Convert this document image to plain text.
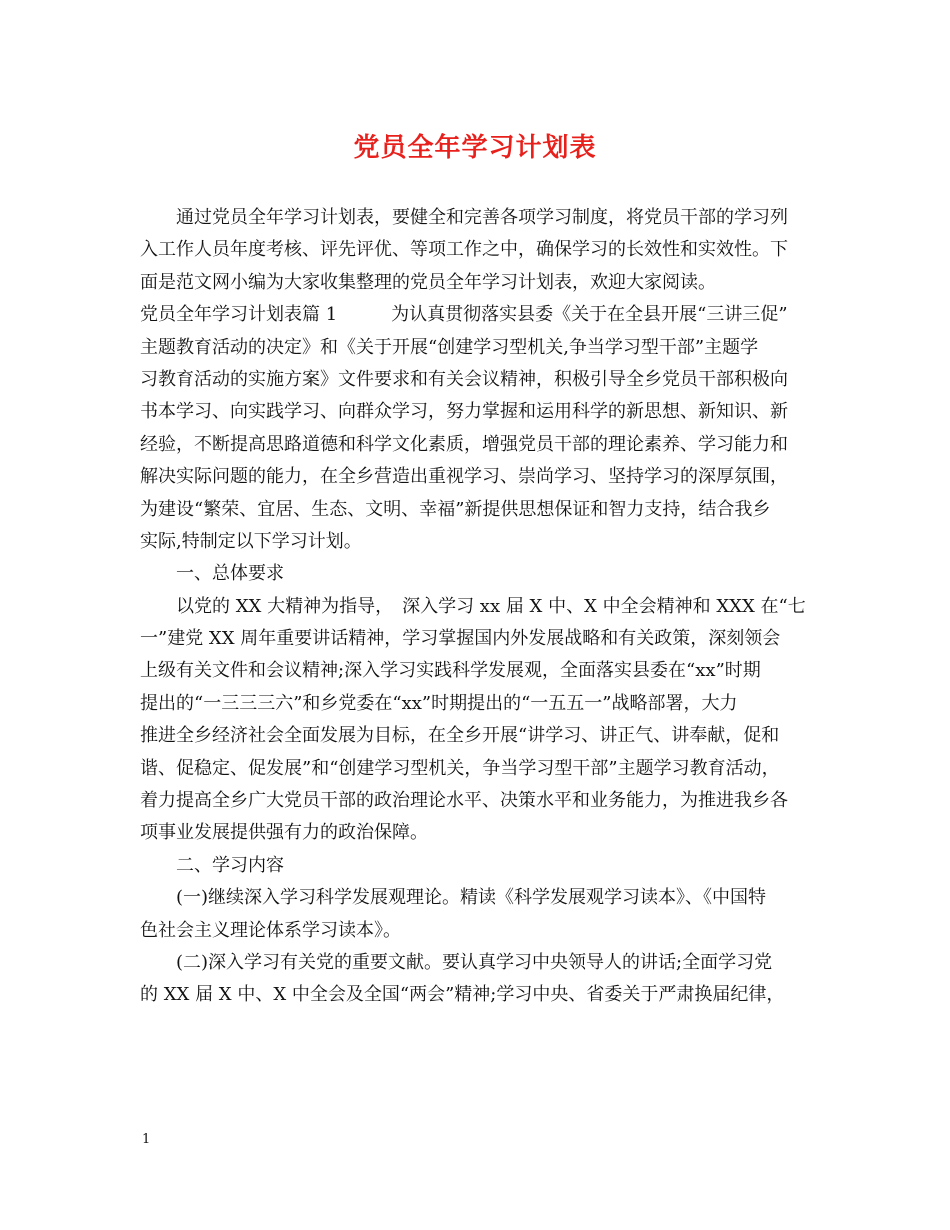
党员全年学习计划表
通过党员全年学习计划表，要健全和完善各项学习制度，将党员干部的学习列
入工作人员年度考核、评先评优、等项工作之中，确保学习的长效性和实效性。下
面是范文网小编为大家收集整理的党员全年学习计划表，欢迎大家阅读。
党员全年学习计划表篇 1　　　为认真贯彻落实县委《关于在全县开展“三讲三促”
主题教育活动的决定》和《关于开展“创建学习型机关,争当学习型干部”主题学
习教育活动的实施方案》文件要求和有关会议精神，积极引导全乡党员干部积极向
书本学习、向实践学习、向群众学习，努力掌握和运用科学的新思想、新知识、新
经验，不断提高思路道德和科学文化素质，增强党员干部的理论素养、学习能力和
解决实际问题的能力，在全乡营造出重视学习、崇尚学习、坚持学习的深厚氛围，
为建设“繁荣、宜居、生态、文明、幸福”新提供思想保证和智力支持，结合我乡
实际,特制定以下学习计划。
一、总体要求
以党的 XX 大精神为指导，　深入学习 xx 届 X 中、X 中全会精神和 XXX 在“七
一”建党 XX 周年重要讲话精神，学习掌握国内外发展战略和有关政策，深刻领会
上级有关文件和会议精神;深入学习实践科学发展观，全面落实县委在“xx”时期
提出的“一三三三六”和乡党委在“xx”时期提出的“一五五一”战略部署，大力
推进全乡经济社会全面发展为目标，在全乡开展“讲学习、讲正气、讲奉献，促和
谐、促稳定、促发展”和“创建学习型机关，争当学习型干部”主题学习教育活动，
着力提高全乡广大党员干部的政治理论水平、决策水平和业务能力，为推进我乡各
项事业发展提供强有力的政治保障。
二、学习内容
(一)继续深入学习科学发展观理论。精读《科学发展观学习读本》、《中国特
色社会主义理论体系学习读本》。
(二)深入学习有关党的重要文献。要认真学习中央领导人的讲话;全面学习党
的 XX 届 X 中、X 中全会及全国“两会”精神;学习中央、省委关于严肃换届纪律，
1
